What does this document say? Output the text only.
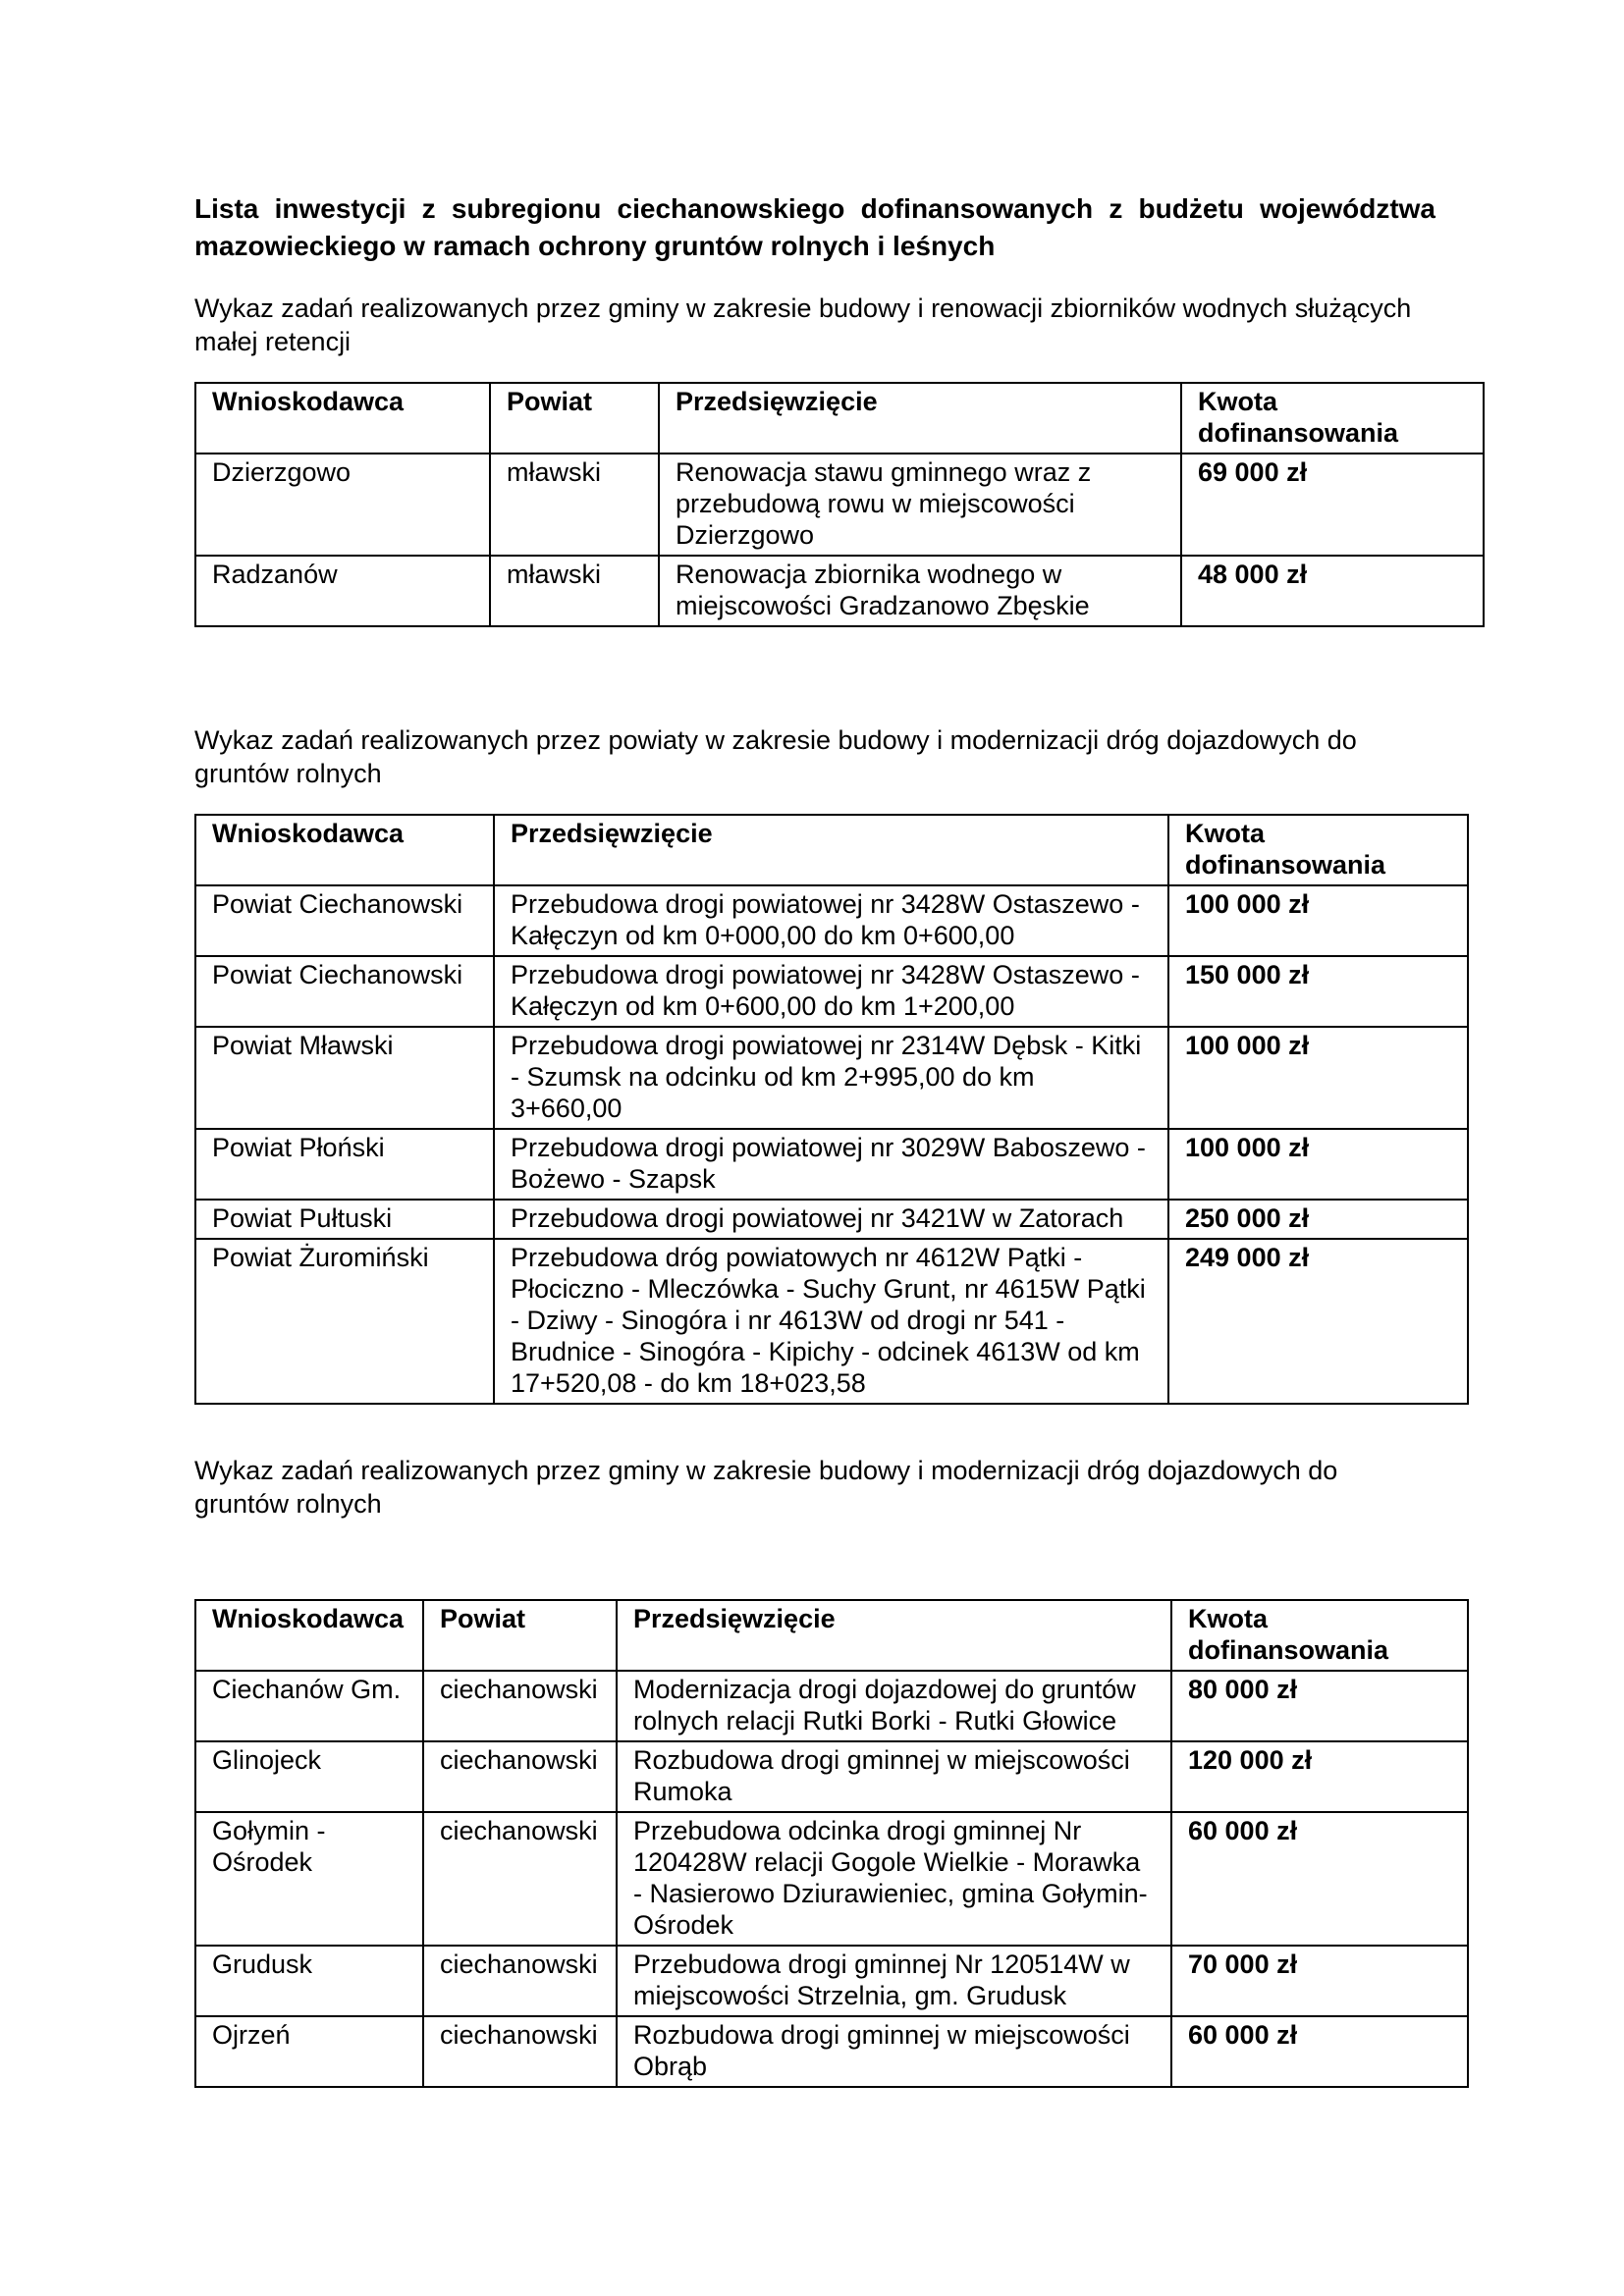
Lista inwestycji z subregionu ciechanowskiego dofinansowanych z budżetu województwa mazowieckiego w ramach ochrony gruntów rolnych i leśnych

Wykaz zadań realizowanych przez gminy w zakresie budowy i renowacji zbiorników wodnych służących małej retencji

Wnioskodawca	Powiat	Przedsięwzięcie	Kwota dofinansowania
Dzierzgowo	mławski	Renowacja stawu gminnego wraz z przebudową rowu w miejscowości Dzierzgowo	69 000 zł
Radzanów	mławski	Renowacja zbiornika wodnego w miejscowości Gradzanowo Zbęskie	48 000 zł

Wykaz zadań realizowanych przez powiaty w zakresie budowy i modernizacji dróg dojazdowych do gruntów rolnych

Wnioskodawca	Przedsięwzięcie	Kwota dofinansowania
Powiat Ciechanowski	Przebudowa drogi powiatowej nr 3428W Ostaszewo - Kałęczyn od km 0+000,00 do km 0+600,00	100 000 zł
Powiat Ciechanowski	Przebudowa drogi powiatowej nr 3428W Ostaszewo - Kałęczyn od km 0+600,00 do km 1+200,00	150 000 zł
Powiat Mławski	Przebudowa drogi powiatowej nr 2314W Dębsk - Kitki - Szumsk na odcinku od km 2+995,00 do km 3+660,00	100 000 zł
Powiat Płoński	Przebudowa drogi powiatowej nr 3029W Baboszewo - Bożewo - Szapsk	100 000 zł
Powiat Pułtuski	Przebudowa drogi powiatowej nr 3421W w Zatorach	250 000 zł
Powiat Żuromiński	Przebudowa dróg powiatowych nr 4612W Pątki - Płociczno - Mleczówka - Suchy Grunt, nr 4615W Pątki - Dziwy - Sinogóra i nr 4613W od drogi nr 541 - Brudnice - Sinogóra - Kipichy - odcinek 4613W od km 17+520,08 - do km 18+023,58	249 000 zł

Wykaz zadań realizowanych przez gminy w zakresie budowy i modernizacji dróg dojazdowych do gruntów rolnych

Wnioskodawca	Powiat	Przedsięwzięcie	Kwota dofinansowania
Ciechanów Gm.	ciechanowski	Modernizacja drogi dojazdowej do gruntów rolnych relacji Rutki Borki - Rutki Głowice	80 000 zł
Glinojeck	ciechanowski	Rozbudowa drogi gminnej w miejscowości Rumoka	120 000 zł
Gołymin - Ośrodek	ciechanowski	Przebudowa odcinka drogi gminnej Nr 120428W relacji Gogole Wielkie - Morawka - Nasierowo Dziurawieniec, gmina Gołymin-Ośrodek	60 000 zł
Grudusk	ciechanowski	Przebudowa drogi gminnej Nr 120514W w miejscowości Strzelnia, gm. Grudusk	70 000 zł
Ojrzeń	ciechanowski	Rozbudowa drogi gminnej w miejscowości Obrąb	60 000 zł
